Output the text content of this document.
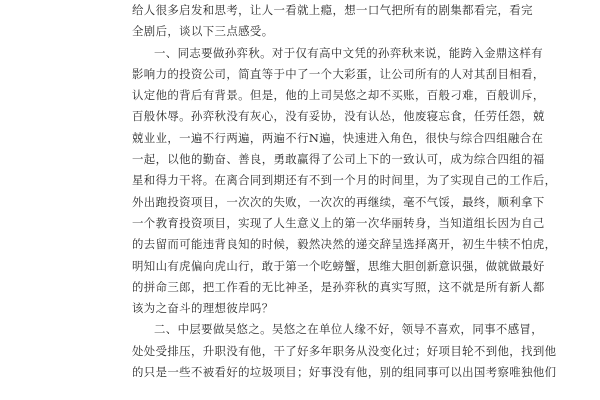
给人很多启发和思考，让人一看就上瘾，想一口气把所有的剧集都看完，看完
全剧后，谈以下三点感受。
一、同志要做孙弈秋。对于仅有高中文凭的孙弈秋来说，能跨入金鼎这样有
影响力的投资公司，简直等于中了一个大彩蛋，让公司所有的人对其刮目相看，
认定他的背后有背景。但是，他的上司吴悠之却不买账，百般刁难，百般训斥，
百般休辱。孙弈秋没有灰心，没有妥协，没有认怂，他废寝忘食，任劳任怨，兢
兢业业，一遍不行两遍，两遍不行N遍，快速进入角色，很快与综合四组融合在
一起，以他的勤奋、善良，勇敢赢得了公司上下的一致认可，成为综合四组的福
星和得力干将。在离合同到期还有不到一个月的时间里，为了实现自己的工作后，
外出跑投资项目，一次次的失败，一次次的再继续，毫不气馁，最终，顺利拿下
一个教育投资项目，实现了人生意义上的第一次华丽转身，当知道组长因为自己
的去留而可能违背良知的时候，毅然决然的递交辞呈选择离开，初生牛犊不怕虎，
明知山有虎偏向虎山行，敢于第一个吃螃蟹，思维大胆创新意识强，做就做最好
的拼命三郎，把工作看的无比神圣，是孙弈秋的真实写照，这不就是所有新人都
该为之奋斗的理想彼岸吗？
二、中层要做吴悠之。吴悠之在单位人缘不好，领导不喜欢，同事不感冒，
处处受排压，升职没有他，干了好多年职务从没变化过；好项目轮不到他，找到他
的只是一些不被看好的垃圾项目；好事没有他，别的组同事可以出国考察唯独他们
